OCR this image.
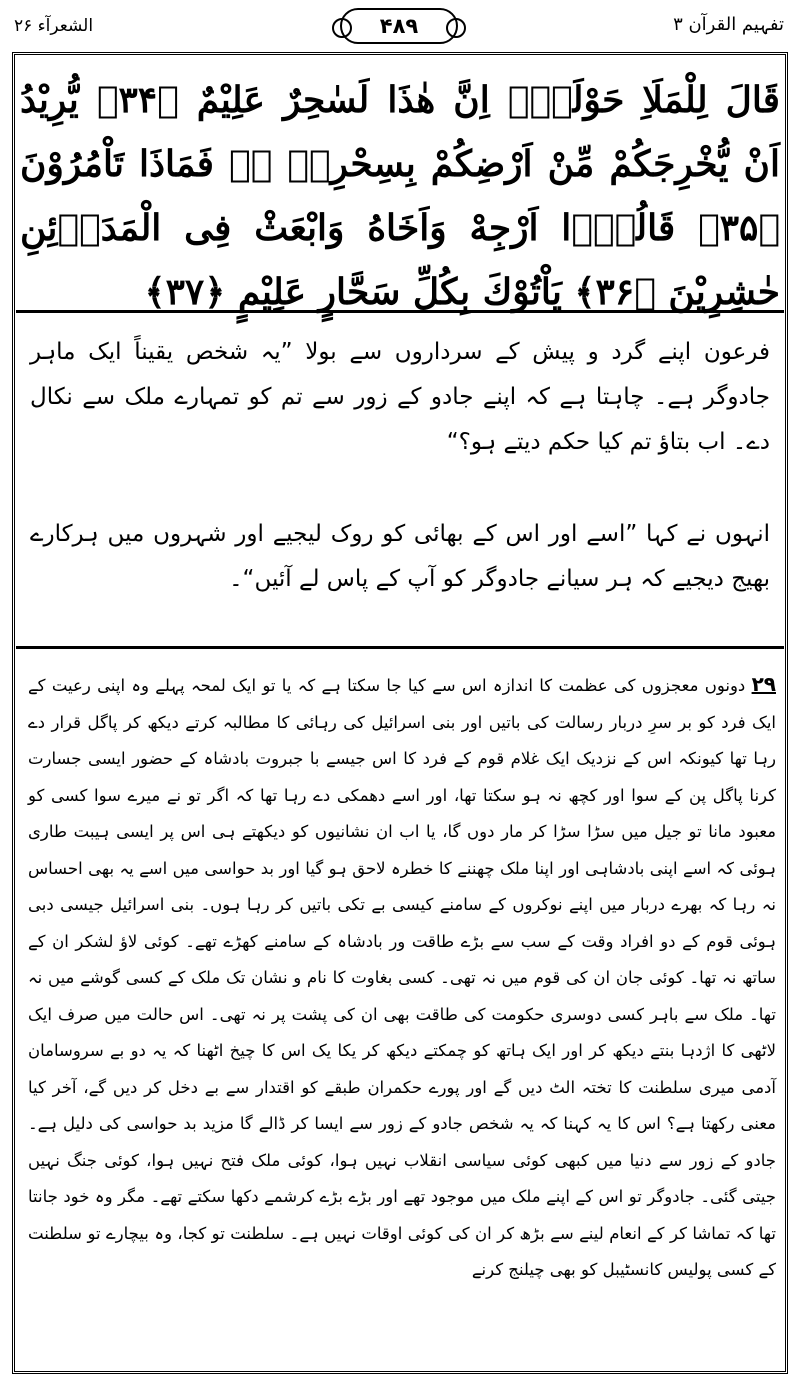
الشعرآء ۲۶	۴۸۹	تفہیم القرآن ۳
قَالَ لِلْمَلَاِ حَوْلَهٗۤ اِنَّ هٰذَا لَسٰحِرٌ عَلِيْمٌ ﴿۳۴﴾ يُّرِيْدُ اَنْ يُّخْرِجَكُمْ مِّنْ اَرْضِكُمْ بِسِحْرِهٖ ۖۗ فَمَاذَا تَاْمُرُوْنَ ﴿۳۵﴾ قَالُوْۤا اَرْجِهْ وَاَخَاهُ وَابْعَثْ فِى الْمَدَاۤئِنِ حٰشِرِيْنَ ﴿۳۶﴾ يَاْتُوْكَ بِكُلِّ سَحَّارٍ عَلِيْمٍ ﴿۳۷﴾
فرعون اپنے گرد و پیش کے سرداروں سے بولا ”یہ شخص یقیناً ایک ماہر جادوگر ہے۔ چاہتا ہے کہ اپنے جادو کے زور سے تم کو تمہارے ملک سے نکال دے۔ اب بتاؤ تم کیا حکم دیتے ہو؟“
انہوں نے کہا ”اسے اور اس کے بھائی کو روک لیجیے اور شہروں میں ہرکارے بھیج دیجیے کہ ہر سیانے جادوگر کو آپ کے پاس لے آئیں“۔
۲۹ دونوں معجزوں کی عظمت کا اندازہ اس سے کیا جا سکتا ہے کہ یا تو ایک لمحہ پہلے وہ اپنی رعیت کے ایک فرد کو بر سرِ دربار رسالت کی باتیں اور بنی اسرائیل کی رہائی کا مطالبہ کرتے دیکھ کر پاگل قرار دے رہا تھا کیونکہ اس کے نزدیک ایک غلام قوم کے فرد کا اس جیسے با جبروت بادشاہ کے حضور ایسی جسارت کرنا پاگل پن کے سوا اور کچھ نہ ہو سکتا تھا، اور اسے دھمکی دے رہا تھا کہ اگر تو نے میرے سوا کسی کو معبود مانا تو جیل میں سڑا سڑا کر مار دوں گا، یا اب ان نشانیوں کو دیکھتے ہی اس پر ایسی ہیبت طاری ہوئی کہ اسے اپنی بادشاہی اور اپنا ملک چھننے کا خطرہ لاحق ہو گیا اور بد حواسی میں اسے یہ بھی احساس نہ رہا کہ بھرے دربار میں اپنے نوکروں کے سامنے کیسی بے تکی باتیں کر رہا ہوں۔ بنی اسرائیل جیسی دبی ہوئی قوم کے دو افراد وقت کے سب سے بڑے طاقت ور بادشاہ کے سامنے کھڑے تھے۔ کوئی لاؤ لشکر ان کے ساتھ نہ تھا۔ کوئی جان ان کی قوم میں نہ تھی۔ کسی بغاوت کا نام و نشان تک ملک کے کسی گوشے میں نہ تھا۔ ملک سے باہر کسی دوسری حکومت کی طاقت بھی ان کی پشت پر نہ تھی۔ اس حالت میں صرف ایک لاٹھی کا اژدہا بنتے دیکھ کر اور ایک ہاتھ کو چمکتے دیکھ کر یکا یک اس کا چیخ اٹھنا کہ یہ دو بے سروسامان آدمی میری سلطنت کا تختہ الٹ دیں گے اور پورے حکمران طبقے کو اقتدار سے بے دخل کر دیں گے، آخر کیا معنی رکھتا ہے؟ اس کا یہ کہنا کہ یہ شخص جادو کے زور سے ایسا کر ڈالے گا مزید بد حواسی کی دلیل ہے۔ جادو کے زور سے دنیا میں کبھی کوئی سیاسی انقلاب نہیں ہوا، کوئی ملک فتح نہیں ہوا، کوئی جنگ نہیں جیتی گئی۔ جادوگر تو اس کے اپنے ملک میں موجود تھے اور بڑے بڑے کرشمے دکھا سکتے تھے۔ مگر وہ خود جانتا تھا کہ تماشا کر کے انعام لینے سے بڑھ کر ان کی کوئی اوقات نہیں ہے۔ سلطنت تو کجا، وہ بیچارے تو سلطنت کے کسی پولیس کانسٹیبل کو بھی چیلنج کرنے
